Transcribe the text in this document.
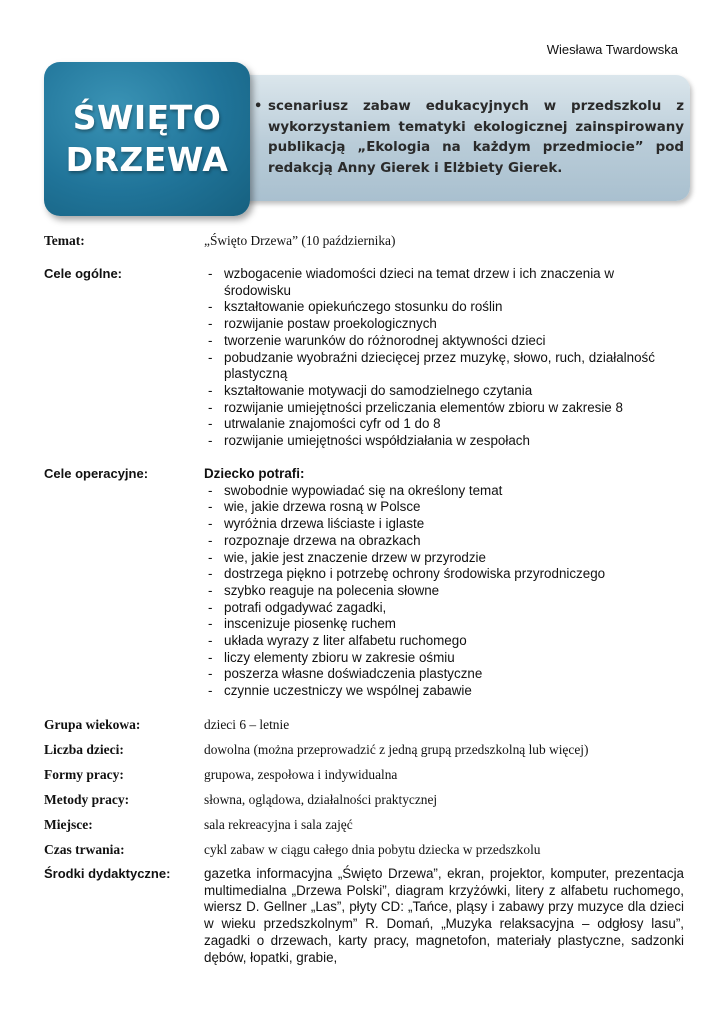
Wiesława Twardowska
ŚWIĘTO
DRZEWA
• scenariusz zabaw edukacyjnych w przedszkolu z wykorzystaniem tematyki ekologicznej zainspirowany publikacją „Ekologia na każdym przedmiocie” pod redakcją Anny Gierek i Elżbiety Gierek.
Temat:	„Święto Drzewa” (10 października)
Cele ogólne:
-	wzbogacenie wiadomości dzieci na temat drzew i ich znaczenia w środowisku
- kształtowanie opiekuńczego stosunku do roślin
- rozwijanie postaw proekologicznych
- tworzenie warunków do różnorodnej aktywności dzieci
- pobudzanie wyobraźni dziecięcej przez muzykę, słowo, ruch, działalność plastyczną
- kształtowanie motywacji do samodzielnego czytania
- rozwijanie umiejętności przeliczania elementów zbioru w zakresie 8
- utrwalanie znajomości cyfr od 1 do 8
- rozwijanie umiejętności współdziałania w zespołach
Cele operacyjne:	Dziecko potrafi:
- swobodnie wypowiadać się na określony temat
- wie, jakie drzewa rosną w Polsce
- wyróżnia drzewa liściaste i iglaste
- rozpoznaje drzewa na obrazkach
- wie, jakie jest znaczenie drzew w przyrodzie
- dostrzega piękno i potrzebę ochrony środowiska przyrodniczego
- szybko reaguje na polecenia słowne
- potrafi odgadywać zagadki,
- inscenizuje piosenkę ruchem
- układa wyrazy z liter alfabetu ruchomego
- liczy elementy zbioru w zakresie ośmiu
- poszerza własne doświadczenia plastyczne
- czynnie uczestniczy we wspólnej zabawie
Grupa wiekowa:	dzieci 6 – letnie
Liczba dzieci:	dowolna (można przeprowadzić z jedną grupą przedszkolną lub więcej)
Formy pracy:	grupowa, zespołowa i indywidualna
Metody pracy:	słowna, oglądowa, działalności praktycznej
Miejsce:	sala rekreacyjna i sala zajęć
Czas trwania:	cykl zabaw w ciągu całego dnia pobytu dziecka w przedszkolu
Środki dydaktyczne:	gazetka informacyjna „Święto Drzewa”, ekran, projektor, komputer, prezentacja multimedialna „Drzewa Polski”, diagram krzyżówki, litery z alfabetu ruchomego, wiersz D. Gellner „Las”, płyty CD: „Tańce, pląsy i zabawy przy muzyce dla dzieci w wieku przedszkolnym” R. Domań, „Muzyka relaksacyjna – odgłosy lasu”, zagadki o drzewach, karty pracy, magnetofon, materiały plastyczne, sadzonki dębów, łopatki, grabie,
